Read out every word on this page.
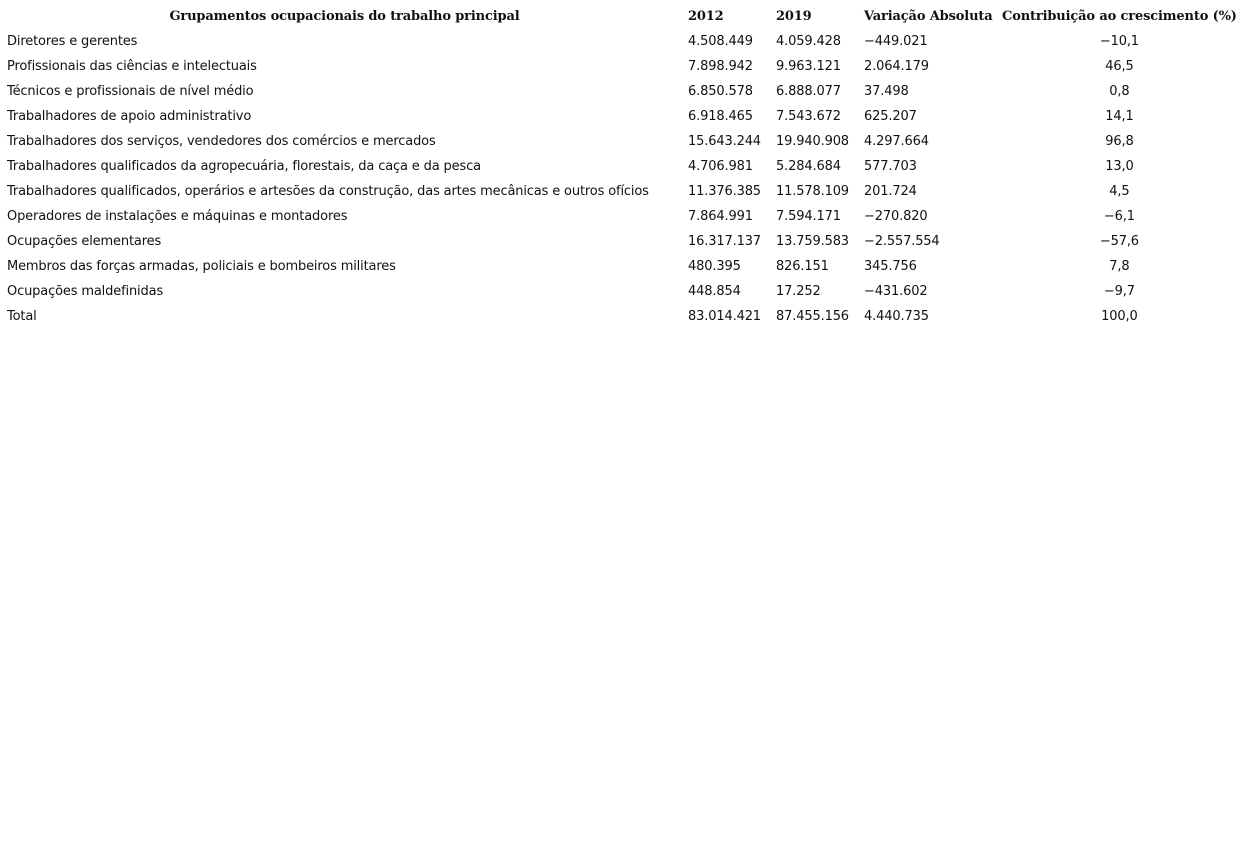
Grupamentos ocupacionais do trabalho principal	2012	2019	Variação Absoluta	Contribuição ao crescimento (%)
Diretores e gerentes	4.508.449	4.059.428	−449.021	−10,1
Profissionais das ciências e intelectuais	7.898.942	9.963.121	2.064.179	46,5
Técnicos e profissionais de nível médio	6.850.578	6.888.077	37.498	0,8
Trabalhadores de apoio administrativo	6.918.465	7.543.672	625.207	14,1
Trabalhadores dos serviços, vendedores dos comércios e mercados	15.643.244	19.940.908	4.297.664	96,8
Trabalhadores qualificados da agropecuária, florestais, da caça e da pesca	4.706.981	5.284.684	577.703	13,0
Trabalhadores qualificados, operários e artesões da construção, das artes mecânicas e outros ofícios	11.376.385	11.578.109	201.724	4,5
Operadores de instalações e máquinas e montadores	7.864.991	7.594.171	−270.820	−6,1
Ocupações elementares	16.317.137	13.759.583	−2.557.554	−57,6
Membros das forças armadas, policiais e bombeiros militares	480.395	826.151	345.756	7,8
Ocupações maldefinidas	448.854	17.252	−431.602	−9,7
Total	83.014.421	87.455.156	4.440.735	100,0
